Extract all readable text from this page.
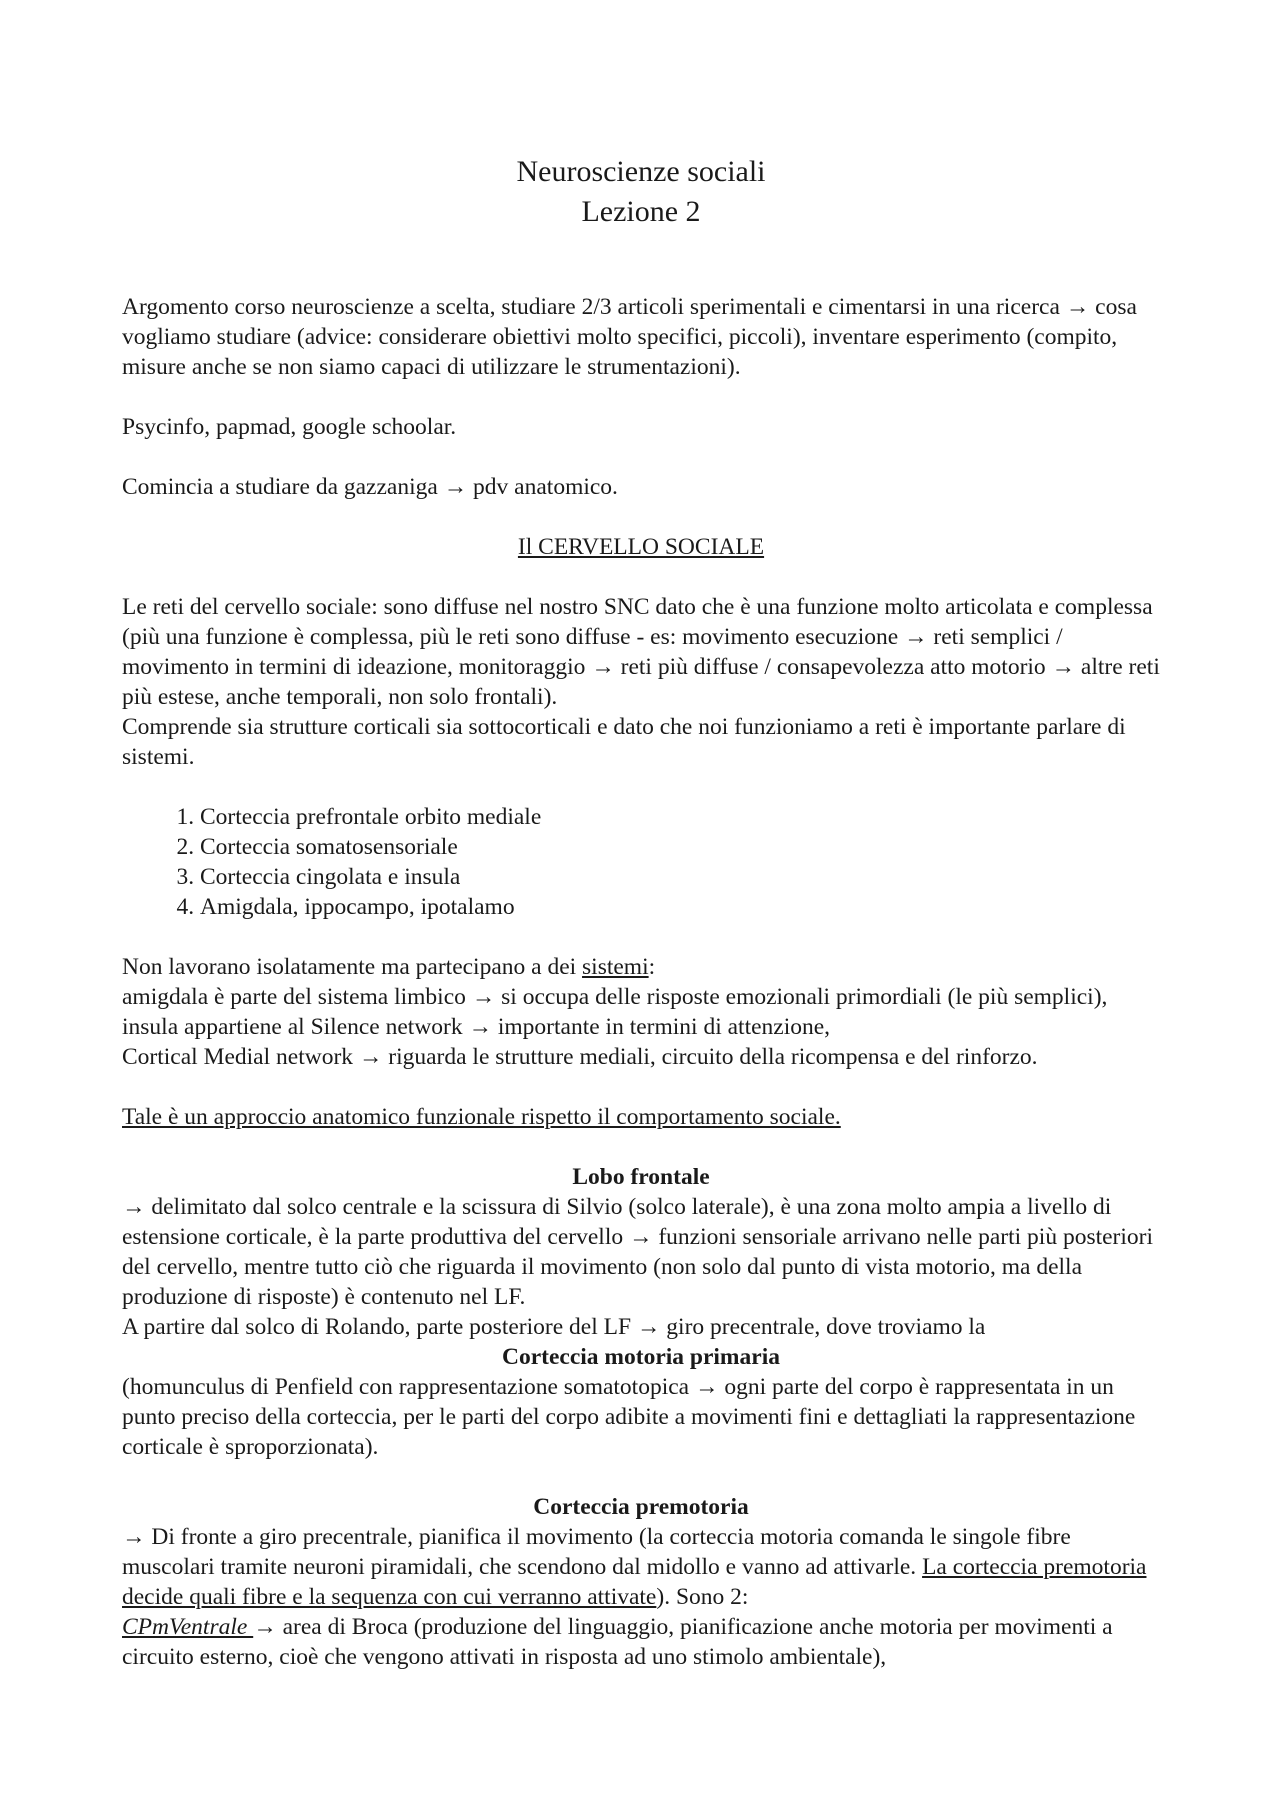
Neuroscienze sociali

Lezione 2

Argomento corso neuroscienze a scelta, studiare 2/3 articoli sperimentali e cimentarsi in una ricerca → cosa vogliamo studiare (advice: considerare obiettivi molto specifici, piccoli), inventare esperimento (compito, misure anche se non siamo capaci di utilizzare le strumentazioni).

Psycinfo, papmad, google schoolar.

Comincia a studiare da gazzaniga → pdv anatomico.

Il CERVELLO SOCIALE

Le reti del cervello sociale: sono diffuse nel nostro SNC dato che è una funzione molto articolata e complessa (più una funzione è complessa, più le reti sono diffuse - es: movimento esecuzione → reti semplici / movimento in termini di ideazione, monitoraggio → reti più diffuse / consapevolezza atto motorio → altre reti più estese, anche temporali, non solo frontali).

Comprende sia strutture corticali sia sottocorticali e dato che noi funzioniamo a reti è importante parlare di sistemi.

1. Corteccia prefrontale orbito mediale
2. Corteccia somatosensoriale
3. Corteccia cingolata e insula
4. Amigdala, ippocampo, ipotalamo

Non lavorano isolatamente ma partecipano a dei sistemi:

amigdala è parte del sistema limbico → si occupa delle risposte emozionali primordiali (le più semplici),

insula appartiene al Silence network → importante in termini di attenzione,

Cortical Medial network → riguarda le strutture mediali, circuito della ricompensa e del rinforzo.

Tale è un approccio anatomico funzionale rispetto il comportamento sociale.

Lobo frontale

→ delimitato dal solco centrale e la scissura di Silvio (solco laterale), è una zona molto ampia a livello di estensione corticale, è la parte produttiva del cervello → funzioni sensoriale arrivano nelle parti più posteriori del cervello, mentre tutto ciò che riguarda il movimento (non solo dal punto di vista motorio, ma della produzione di risposte) è contenuto nel LF.

A partire dal solco di Rolando, parte posteriore del LF → giro precentrale, dove troviamo la

Corteccia motoria primaria

(homunculus di Penfield con rappresentazione somatotopica → ogni parte del corpo è rappresentata in un punto preciso della corteccia, per le parti del corpo adibite a movimenti fini e dettagliati la rappresentazione corticale è sproporzionata).

Corteccia premotoria

→ Di fronte a giro precentrale, pianifica il movimento (la corteccia motoria comanda le singole fibre muscolari tramite neuroni piramidali, che scendono dal midollo e vanno ad attivarle. La corteccia premotoria decide quali fibre e la sequenza con cui verranno attivate). Sono 2:

CPmVentrale → area di Broca (produzione del linguaggio, pianificazione anche motoria per movimenti a circuito esterno, cioè che vengono attivati in risposta ad uno stimolo ambientale),
